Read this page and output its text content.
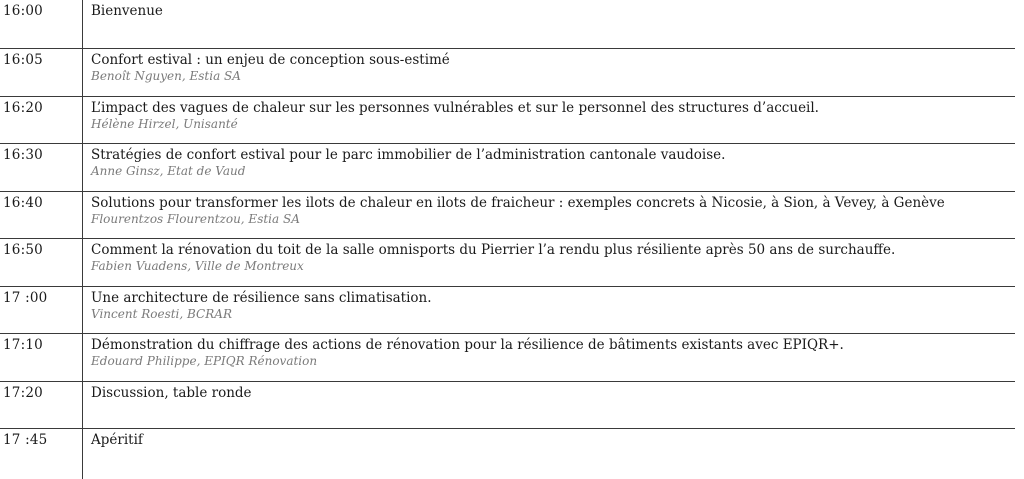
16:00	Bienvenue
16:05	Confort estival : un enjeu de conception sous-estimé
Benoît Nguyen, Estia SA
16:20	L’impact des vagues de chaleur sur les personnes vulnérables et sur le personnel des structures d’accueil.
Hélène Hirzel, Unisanté
16:30	Stratégies de confort estival pour le parc immobilier de l’administration cantonale vaudoise.
Anne Ginsz, Etat de Vaud
16:40	Solutions pour transformer les ilots de chaleur en ilots de fraicheur : exemples concrets à Nicosie, à Sion, à Vevey, à Genève
Flourentzos Flourentzou, Estia SA
16:50	Comment la rénovation du toit de la salle omnisports du Pierrier l’a rendu plus résiliente après 50 ans de surchauffe.
Fabien Vuadens, Ville de Montreux
17 :00	Une architecture de résilience sans climatisation.
Vincent Roesti, BCRAR
17:10	Démonstration du chiffrage des actions de rénovation pour la résilience de bâtiments existants avec EPIQR+.
Edouard Philippe, EPIQR Rénovation
17:20	Discussion, table ronde
17 :45	Apéritif
